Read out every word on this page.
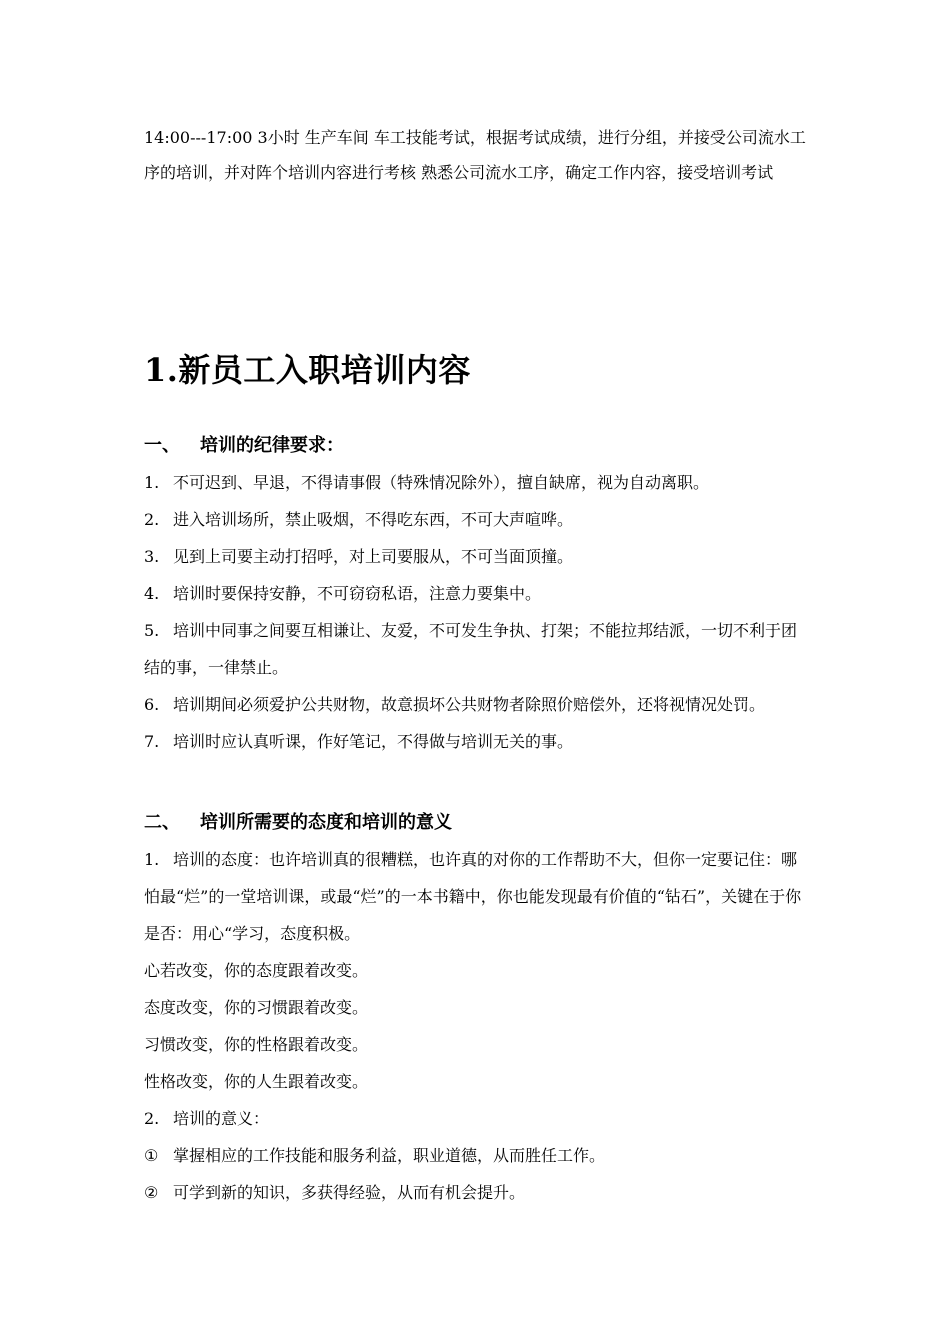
14:00---17:00 3小时 生产车间 车工技能考试，根据考试成绩，进行分组，并接受公司流水工序的培训，并对阵个培训内容进行考核 熟悉公司流水工序，确定工作内容，接受培训考试

1.新员工入职培训内容

一、 培训的纪律要求：

1. 不可迟到、早退，不得请事假（特殊情况除外），擅自缺席，视为自动离职。

2. 进入培训场所，禁止吸烟，不得吃东西，不可大声喧哗。

3. 见到上司要主动打招呼，对上司要服从，不可当面顶撞。

4. 培训时要保持安静，不可窃窃私语，注意力要集中。

5. 培训中同事之间要互相谦让、友爱，不可发生争执、打架；不能拉邦结派，一切不利于团结的事，一律禁止。

6. 培训期间必须爱护公共财物，故意损坏公共财物者除照价赔偿外，还将视情况处罚。

7. 培训时应认真听课，作好笔记，不得做与培训无关的事。

二、 培训所需要的态度和培训的意义

1. 培训的态度：也许培训真的很糟糕，也许真的对你的工作帮助不大，但你一定要记住：哪怕最“烂”的一堂培训课，或最“烂”的一本书籍中，你也能发现最有价值的“钻石”，关键在于你是否：用心“学习，态度积极。

心若改变，你的态度跟着改变。

态度改变，你的习惯跟着改变。

习惯改变，你的性格跟着改变。

性格改变，你的人生跟着改变。

2. 培训的意义：

① 掌握相应的工作技能和服务利益，职业道德，从而胜任工作。

② 可学到新的知识，多获得经验，从而有机会提升。
